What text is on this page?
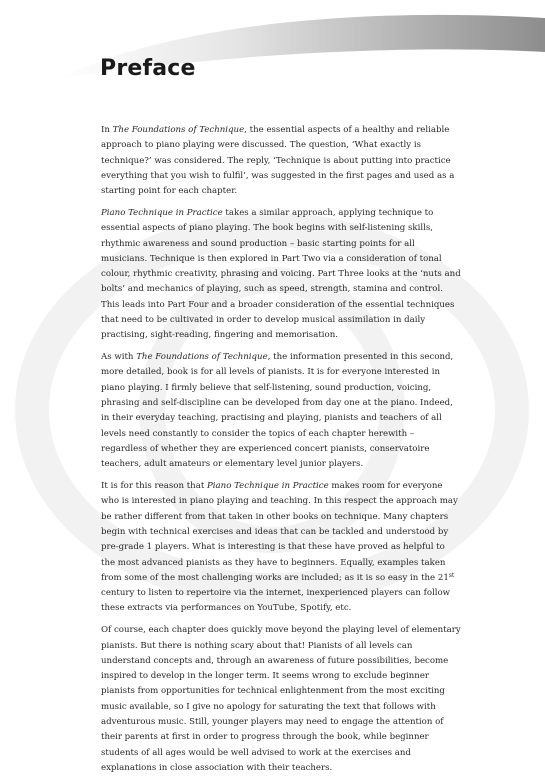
Preface

In The Foundations of Technique, the essential aspects of a healthy and reliable approach to piano playing were discussed. The question, ‘What exactly is technique?’ was considered. The reply, ‘Technique is about putting into practice everything that you wish to fulfil’, was suggested in the first pages and used as a starting point for each chapter.

Piano Technique in Practice takes a similar approach, applying technique to essential aspects of piano playing. The book begins with self-listening skills, rhythmic awareness and sound production – basic starting points for all musicians. Technique is then explored in Part Two via a consideration of tonal colour, rhythmic creativity, phrasing and voicing. Part Three looks at the ‘nuts and bolts’ and mechanics of playing, such as speed, strength, stamina and control. This leads into Part Four and a broader consideration of the essential techniques that need to be cultivated in order to develop musical assimilation in daily practising, sight-reading, fingering and memorisation.

As with The Foundations of Technique, the information presented in this second, more detailed, book is for all levels of pianists. It is for everyone interested in piano playing. I firmly believe that self-listening, sound production, voicing, phrasing and self-discipline can be developed from day one at the piano. Indeed, in their everyday teaching, practising and playing, pianists and teachers of all levels need constantly to consider the topics of each chapter herewith – regardless of whether they are experienced concert pianists, conservatoire teachers, adult amateurs or elementary level junior players.

It is for this reason that Piano Technique in Practice makes room for everyone who is interested in piano playing and teaching. In this respect the approach may be rather different from that taken in other books on technique. Many chapters begin with technical exercises and ideas that can be tackled and understood by pre-grade 1 players. What is interesting is that these have proved as helpful to the most advanced pianists as they have to beginners. Equally, examples taken from some of the most challenging works are included; as it is so easy in the 21st century to listen to repertoire via the internet, inexperienced players can follow these extracts via performances on YouTube, Spotify, etc.

Of course, each chapter does quickly move beyond the playing level of elementary pianists. But there is nothing scary about that! Pianists of all levels can understand concepts and, through an awareness of future possibilities, become inspired to develop in the longer term. It seems wrong to exclude beginner pianists from opportunities for technical enlightenment from the most exciting music available, so I give no apology for saturating the text that follows with adventurous music. Still, younger players may need to engage the attention of their parents at first in order to progress through the book, while beginner students of all ages would be well advised to work at the exercises and explanations in close association with their teachers.
